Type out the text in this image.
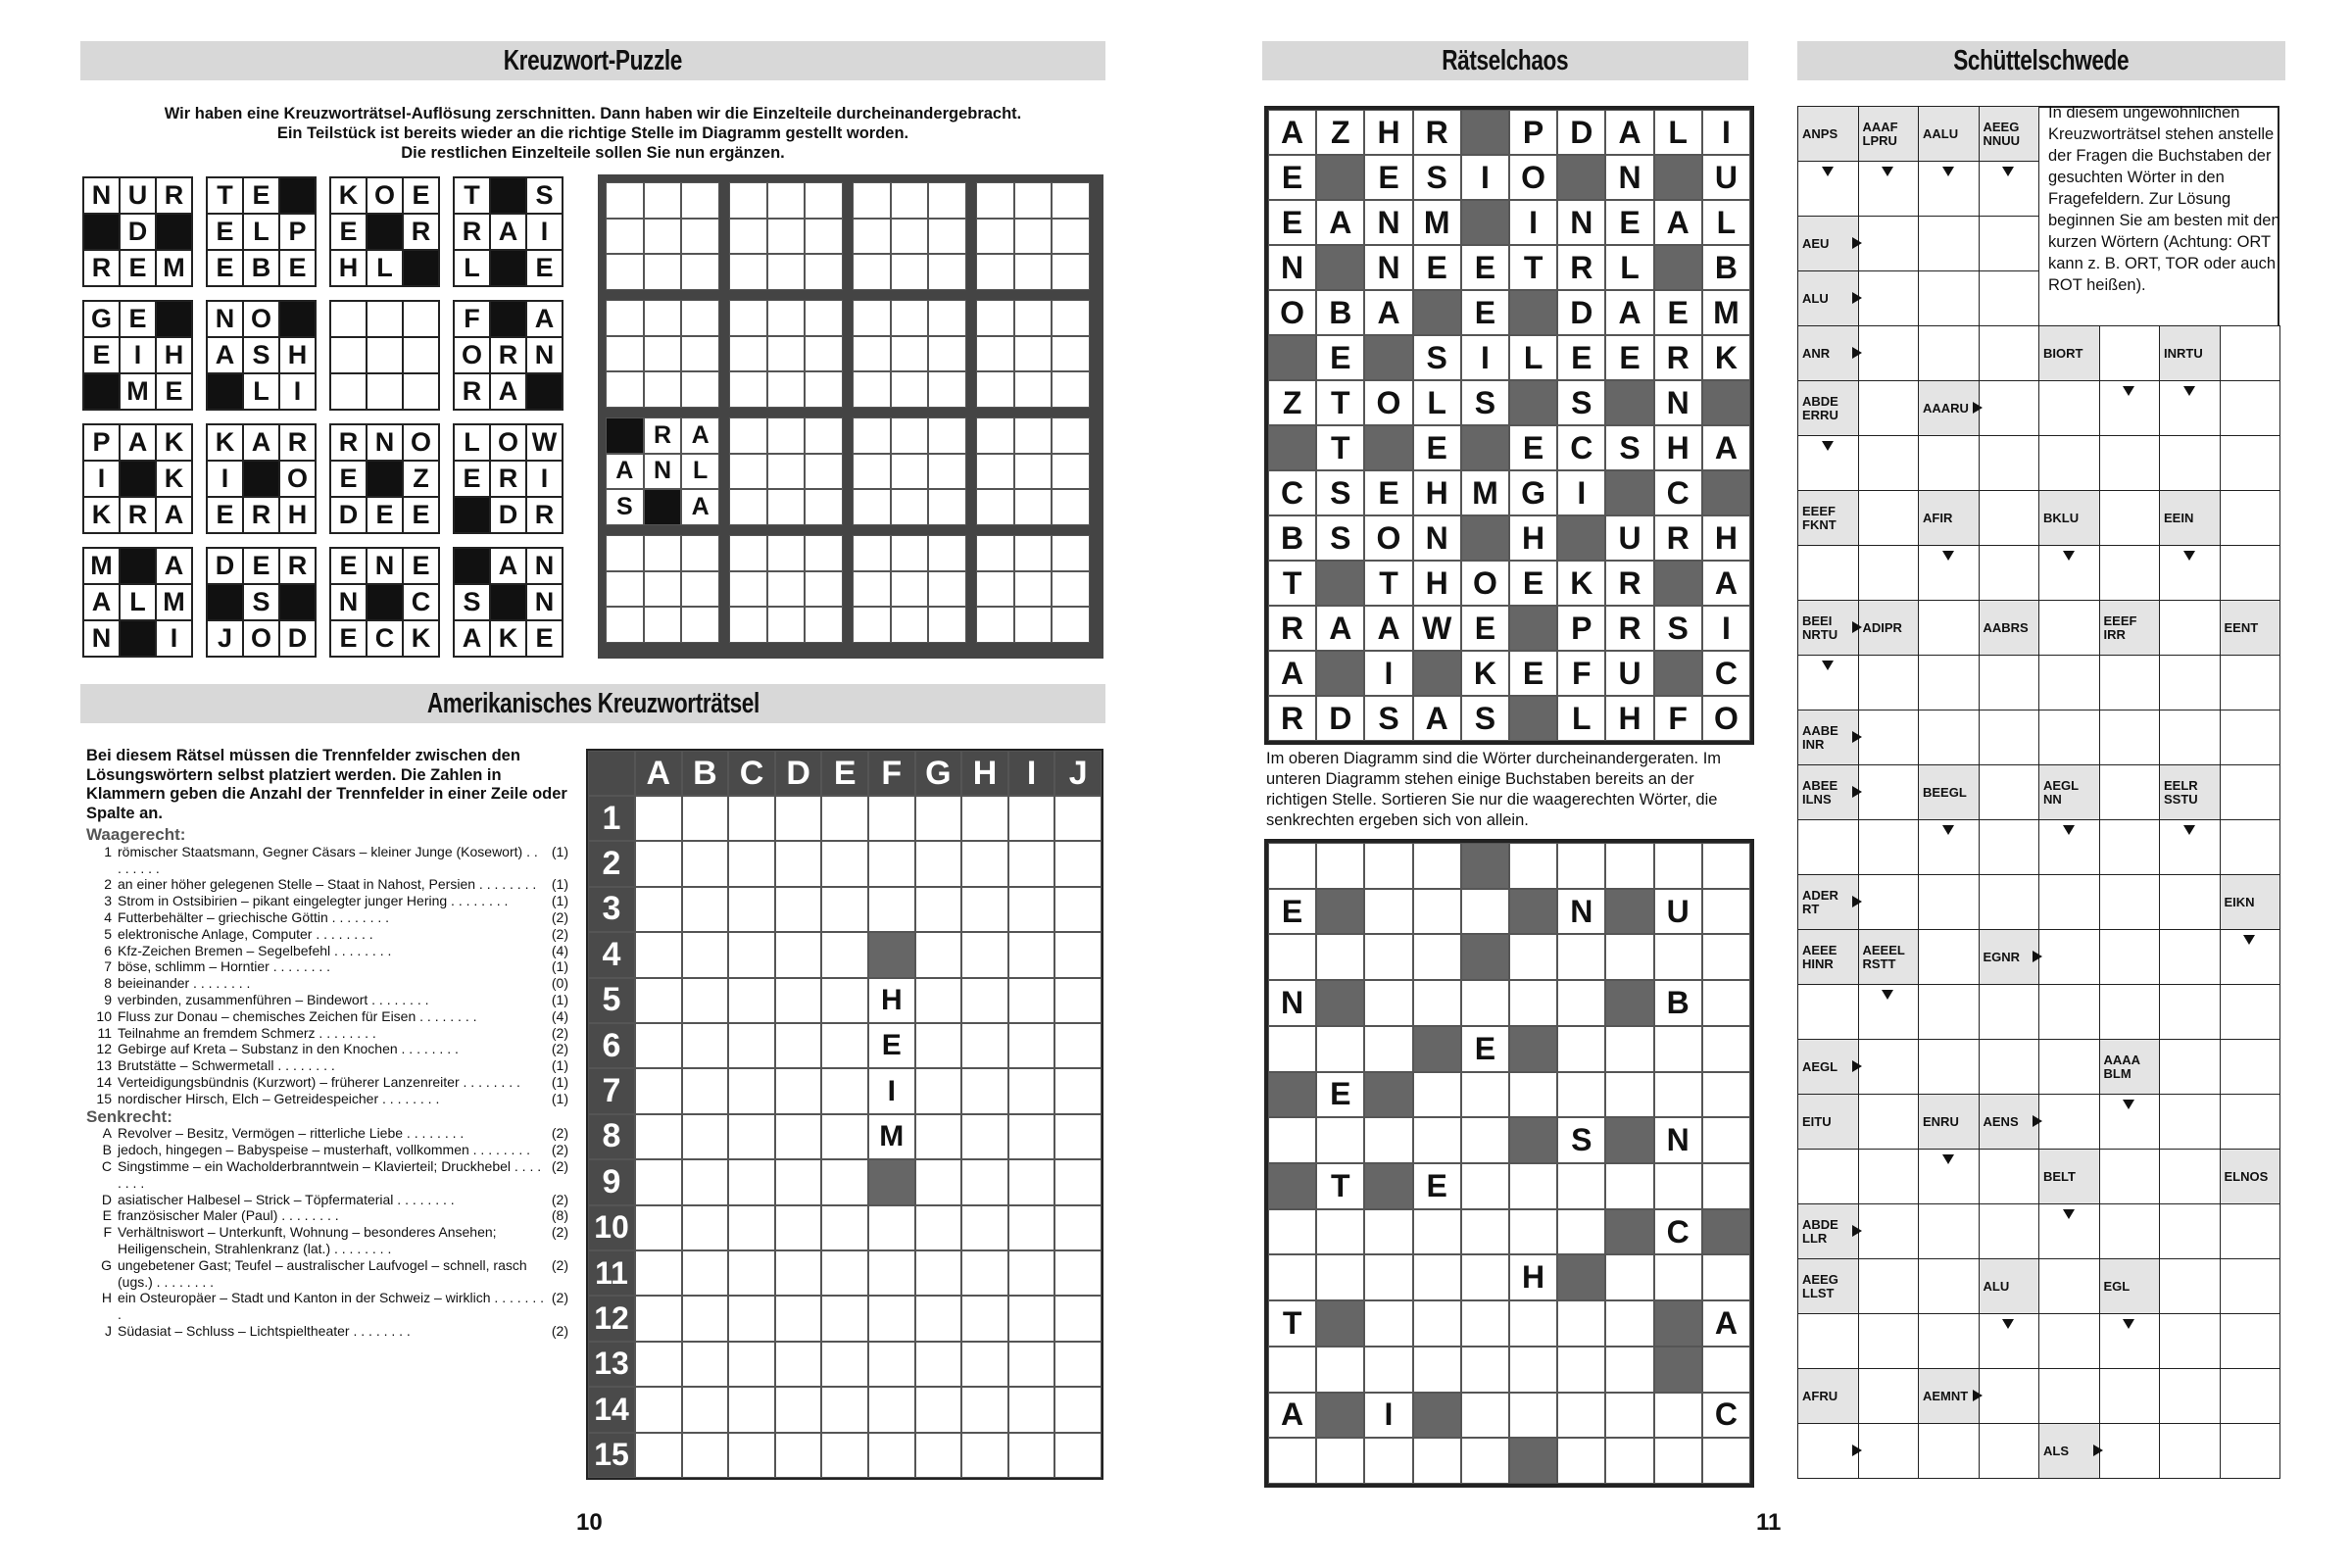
Kreuzwort-Puzzle
Wir haben eine Kreuzworträtsel-Auflösung zerschnitten. Dann haben wir die Einzelteile durcheinandergebracht.
Ein Teilstück ist bereits wieder an die richtige Stelle im Diagramm gestellt worden.
Die restlichen Einzelteile sollen Sie nun ergänzen.
N U R
D
R E M
T E
E L P
E B E
K O E
E	R
H L
T	S
R A I
L	E
G E
E I H
M E
N O
A S H
L I
F	A
O R N
R A
P A K
I	K
K R A
K A R
I	O
E R H
R N O
E	Z
D E E
L O W
E R I
D R
M	A
A L M
N	I
D E R
S
J O D
E N E
N	C
E C K
A N
S	N
A K E
R A
A N L
S	A
Amerikanisches Kreuzworträtsel
Bei diesem Rätsel müssen die Trennfelder zwischen den Lösungswörtern selbst platziert werden. Die Zahlen in Klammern geben die Anzahl der Trennfelder in einer Zeile oder Spalte an.
Waagerecht:
1 römischer Staatsmann, Gegner Cäsars – kleiner Junge (Kosewort) . . . . . . . .
(1)
2 an einer höher gelegenen Stelle – Staat in Nahost, Persien . . . . . . . .	(1)
3 Strom in Ostsibirien – pikant eingelegter junger Hering . . . . . . . .	(1)
4 Futterbehälter – griechische Göttin . . . . . . . .	(2)
5 elektronische Anlage, Computer . . . . . . . .	(2)
6 Kfz-Zeichen Bremen – Segelbefehl . . . . . . . .	(4)
7 böse, schlimm – Horntier . . . . . . . .	(1)
8 beieinander . . . . . . . .	(0)
9 verbinden, zusammenführen – Bindewort . . . . . . . .	(1)
10 Fluss zur Donau – chemisches Zeichen für Eisen . . . . . . . .	(4)
11 Teilnahme an fremdem Schmerz . . . . . . . .	(2)
12 Gebirge auf Kreta – Substanz in den Knochen . . . . . . . .	(2)
13 Brutstätte – Schwermetall . . . . . . . .	(1)
14 Verteidigungsbündnis (Kurzwort) – früherer Lanzenreiter . . . . . . . .	(1)
15 nordischer Hirsch, Elch – Getreidespeicher . . . . . . . .	(1)
Senkrecht:
A Revolver – Besitz, Vermögen – ritterliche Liebe . . . . . . . .	(2)
B jedoch, hingegen – Babyspeise – musterhaft, vollkommen . . . . . . . .	(2)
C Singstimme – ein Wacholderbranntwein – Klavierteil; Druckhebel . . . . . . . .
(2)
D asiatischer Halbesel – Strick – Töpfermaterial . . . . . . . .	(2)
E französischer Maler (Paul) . . . . . . . .	(8)
F Verhältniswort – Unterkunft, Wohnung – besonderes Ansehen; Heiligenschein, Strahlenkranz (lat.) . . . . . . . .
(2)
G ungebetener Gast; Teufel – australischer Laufvogel – schnell, rasch (ugs.) . . . . . . . .
(2)
H ein Osteuropäer – Stadt und Kanton in der Schweiz – wirklich . . . . . . . .
(2)
J Südasiat – Schluss – Lichtspieltheater . . . . . . . .	(2)
A B C D E F G H I J
1
2
3
4
5	H
6	E
7	I
8	M
9
10
11
12
13
14
15
10
Rätselchaos
A Z H R	P D A L	I
E	E S	I	O	N	U
E A N M	I	N E A L
N	N E E T R L	B
O B A	E	D A E M
E	S	I	L E E R K
Z T O L S	S	N
T	E	E C S H A
C S E H M G	I	C
B S O N	H	U R H
T	T H O E K R	A
R A A W E	P R S	I
A	I	K E F U	C
R D S A S	L H F O
Im oberen Diagramm sind die Wörter durcheinandergeraten. Im unteren Diagramm stehen einige Buchstaben bereits an der richtigen Stelle. Sortieren Sie nur die waagerechten Wörter, die senkrechten ergeben sich von allein.
E	N	U
N	B
E
E
S	N
T	E
C
H
T	A
A	I	C
Schüttelschwede
ANPS	AAAF
LPRU	AALU	AEEG
NNUU
AEU
ALU
ANR	BIORT	INRTU
ABDE
ERRU	AAARU
EEEF
FKNT	AFIR	BKLU	EEIN
BEEI
NRTU	ADIPR	AABRS	EEEF
IRR	EENT
AABE
INR
ABEE
ILNS	BEEGL	AEGL
NN
EELR
SSTU
ADER
RT	EIKN
AEEE
HINR
AEEEL
RSTT	EGNR
AEGL	AAAA
BLM
EITU	ENRU	AENS
BELT	ELNOS
ABDE
LLR
AEEG
LLST	ALU	EGL
AFRU	AEMNT
ALS
In diesem ungewöhnlichen Kreuzworträtsel stehen anstelle der Fragen die Buchstaben der gesuchten Wörter in den Fragefeldern. Zur Lösung beginnen Sie am besten mit den kurzen Wörtern (Achtung: ORT kann z. B. ORT, TOR oder auch ROT heißen).
11
